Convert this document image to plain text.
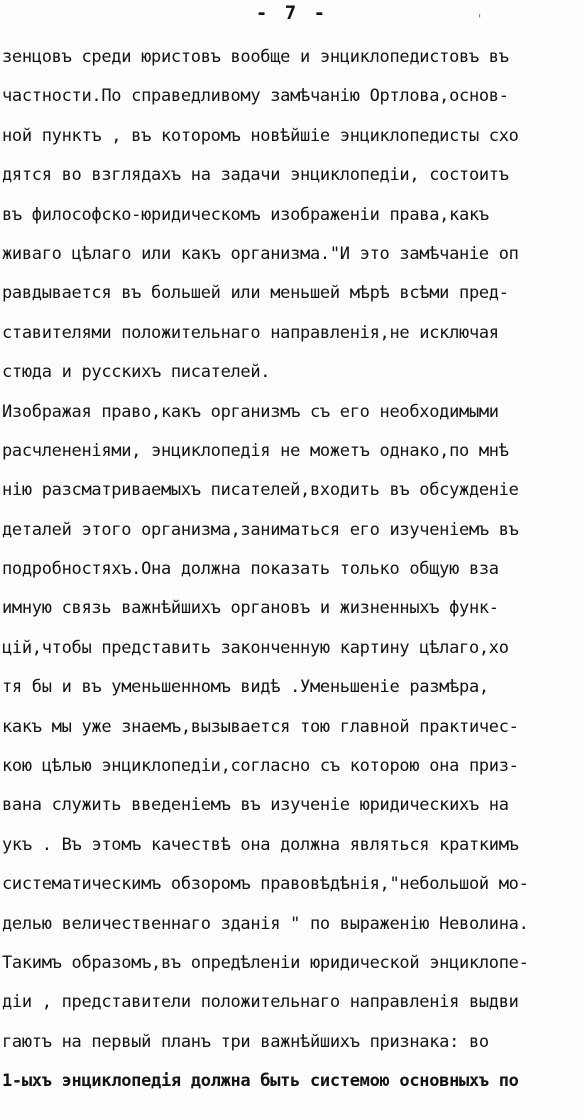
- 7 -	'
зенцовъ среди юристовъ вообще и энциклопедистовъ въ
частности.По справедливому замѣчанію Ортлова,основ-
ной пунктъ , въ которомъ новѣйшіе энциклопедисты схо
дятся во взглядахъ на задачи энциклопедіи, состоитъ
въ философско-юридическомъ изображеніи права,какъ
живаго цѣлаго или какъ организма."И это замѣчаніе оп
равдывается въ большей или меньшей мѣрѣ всѣми пред-
ставителями положительнаго направленія,не исключая
стюда и русскихъ писателей.
Изображая право,какъ организмъ съ его необходимыми
расчлененіями, энциклопедія не можетъ однако,по мнѣ
нію разсматриваемыхъ писателей,входить въ обсужденіе
деталей этого организма,заниматься его изученіемъ въ
подробностяхъ.Она должна показать только общую вза
имную связь важнѣйшихъ органовъ и жизненныхъ функ-
цій,чтобы представить законченную картину цѣлаго,хо
тя бы и въ уменьшенномъ видѣ .Уменьшеніе размѣра,
какъ мы уже знаемъ,вызывается тою главной практичес-
кою цѣлью энциклопедіи,согласно съ которою она приз-
вана служить введеніемъ въ изученіе юридическихъ на
укъ . Въ этомъ качествѣ она должна являться краткимъ
систематическимъ обзоромъ правовѣдѣнія,"небольшой мо-
делью величественнаго зданія " по выраженію Неволина.
Такимъ образомъ,въ опредѣленіи юридической энциклопе-
діи , представители положительнаго направленія выдви
гаютъ на первый планъ три важнѣйшихъ признака: во
1-ыхъ энциклопедія должна быть системою основныхъ по
